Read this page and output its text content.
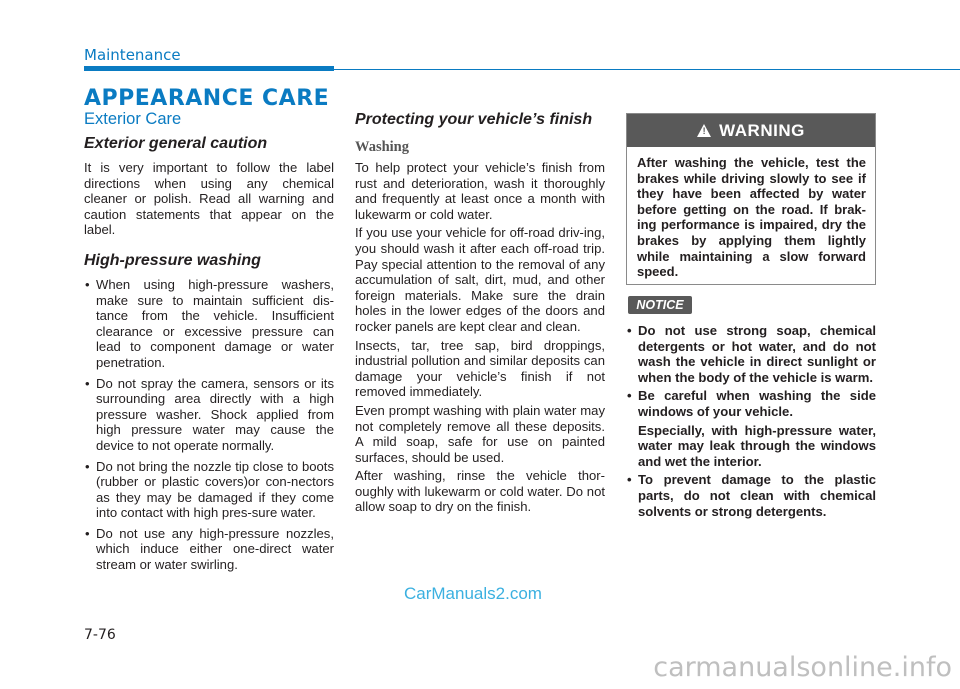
Maintenance
APPEARANCE CARE
Exterior Care
Exterior general caution

It is very important to follow the label directions when using any chemical cleaner or polish. Read all warning and caution statements that appear on the label.

High-pressure washing
• When using high-pressure washers, make sure to maintain sufficient dis-tance from the vehicle. Insufficient clearance or excessive pressure can lead to component damage or water penetration.
• Do not spray the camera, sensors or its surrounding area directly with a high pressure washer. Shock applied from high pressure water may cause the device to not operate normally.
• Do not bring the nozzle tip close to boots (rubber or plastic covers)or con-nectors as they may be damaged if they come into contact with high pres-sure water.
• Do not use any high-pressure nozzles, which induce either one-direct water stream or water swirling.
Protecting your vehicle’s finish
Washing

To help protect your vehicle’s finish from rust and deterioration, wash it thoroughly and frequently at least once a month with lukewarm or cold water.

If you use your vehicle for off-road driv-ing, you should wash it after each off-road trip. Pay special attention to the removal of any accumulation of salt, dirt, mud, and other foreign materials. Make sure the drain holes in the lower edges of the doors and rocker panels are kept clear and clean.

Insects, tar, tree sap, bird droppings, industrial pollution and similar deposits can damage your vehicle’s finish if not removed immediately.

Even prompt washing with plain water may not completely remove all these deposits. A mild soap, safe for use on painted surfaces, should be used.

After washing, rinse the vehicle thor-oughly with lukewarm or cold water. Do not allow soap to dry on the finish.

! WARNING
After washing the vehicle, test the brakes while driving slowly to see if they have been affected by water before getting on the road. If brak-ing performance is impaired, dry the brakes by applying them lightly while maintaining a slow forward speed.
NOTICE
• Do not use strong soap, chemical detergents or hot water, and do not wash the vehicle in direct sunlight or when the body of the vehicle is warm.
• Be careful when washing the side windows of your vehicle.

Especially, with high-pressure water, water may leak through the windows and wet the interior.

• To prevent damage to the plastic parts, do not clean with chemical solvents or strong detergents.
CarManuals2.com
7-76
carmanualsonline.info
